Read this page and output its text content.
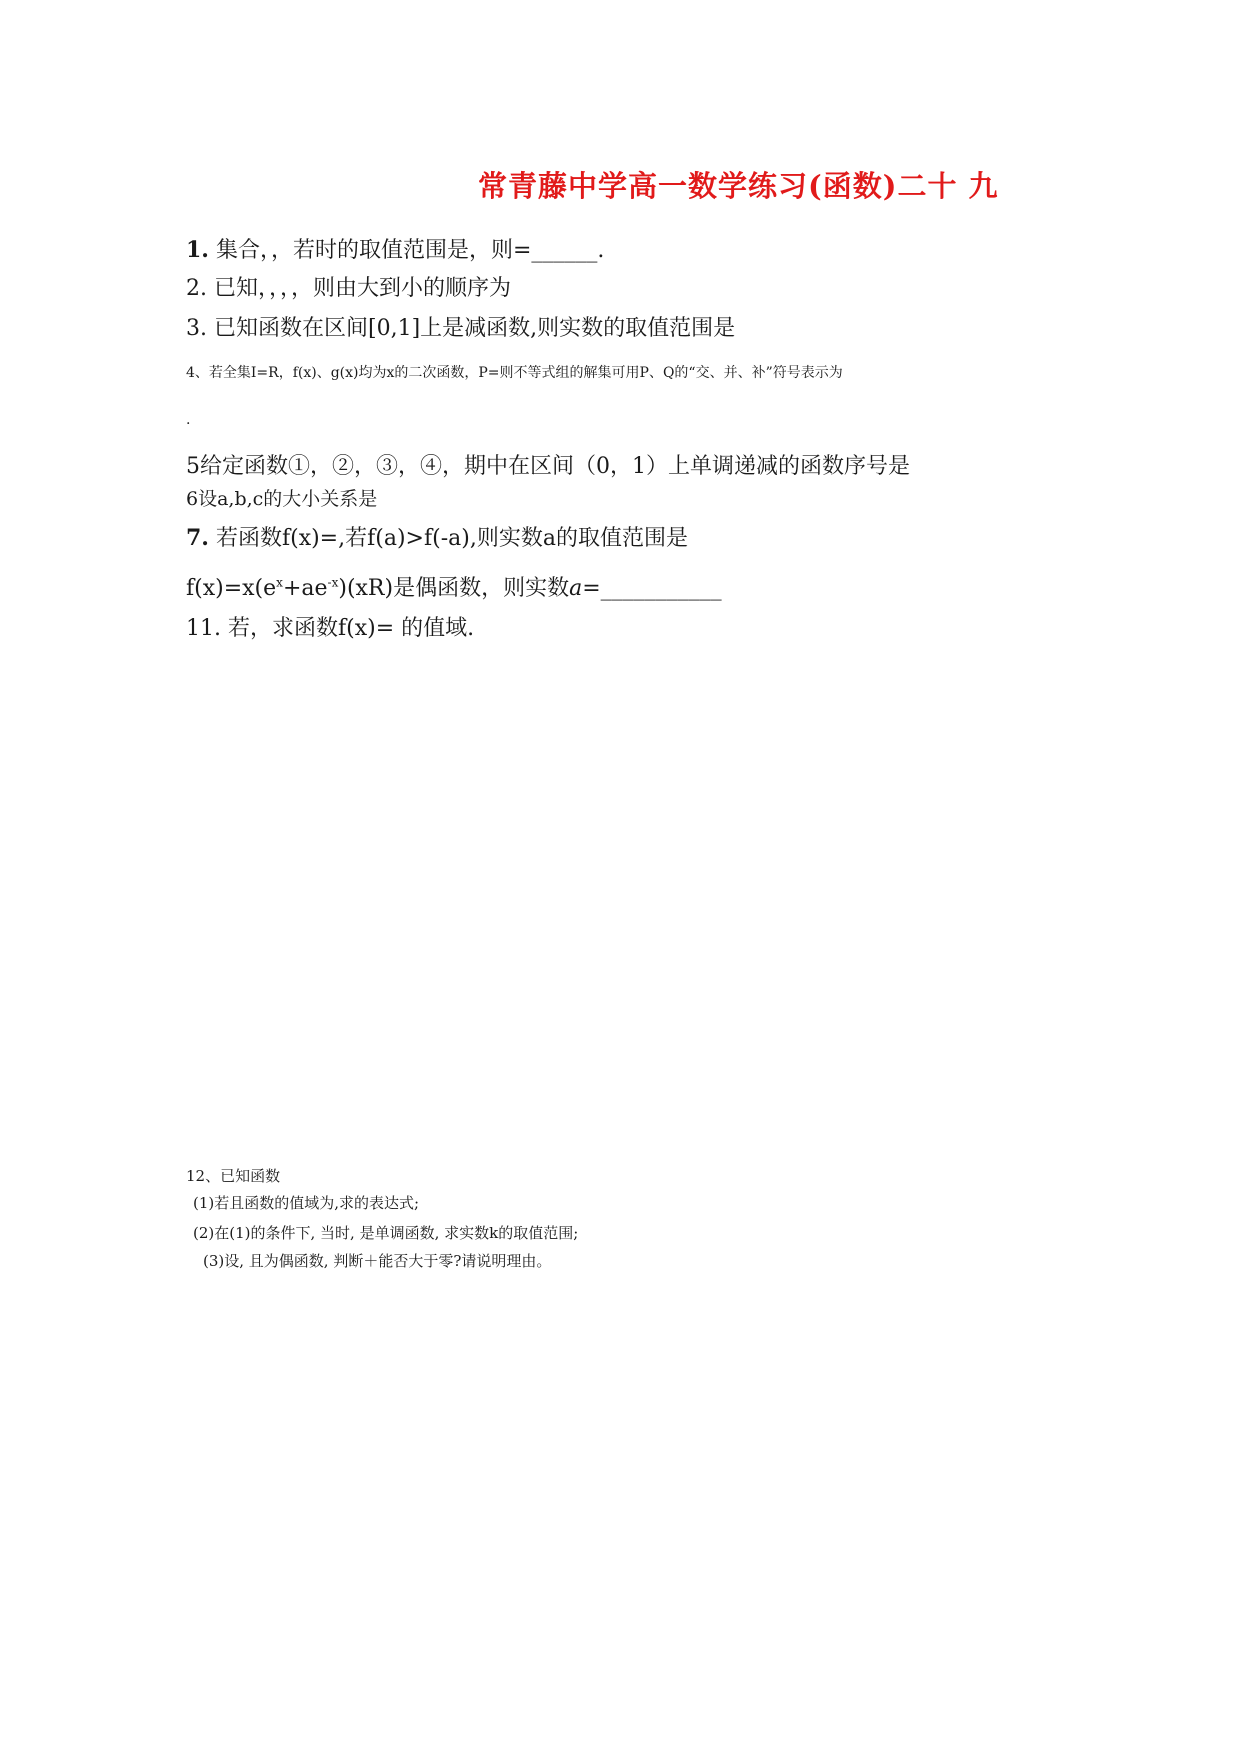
常青藤中学高一数学练习(函数)二十 九
1. 集合，，若时的取值范围是，则=______.
2. 已知，，，，则由大到小的顺序为
3. 已知函数在区间[0,1]上是减函数,则实数的取值范围是
4、若全集I=R，f(x)、g(x)均为x的二次函数，P=则不等式组的解集可用P、Q的“交、并、补”符号表示为
.
5给定函数①，②，③，④，期中在区间（0，1）上单调递减的函数序号是
6设a,b,c的大小关系是
7. 若函数f(x)=,若f(a)>f(-a),则实数a的取值范围是
$f(x)=x(e^x+ae^{-x})(xR)$是偶函数，则实数a=___________
11. 若，求函数f(x)= 的值域.
12、已知函数
(1)若且函数的值域为,求的表达式;
(2)在(1)的条件下, 当时, 是单调函数, 求实数k的取值范围;
(3)设, 且为偶函数, 判断＋能否大于零?请说明理由。
